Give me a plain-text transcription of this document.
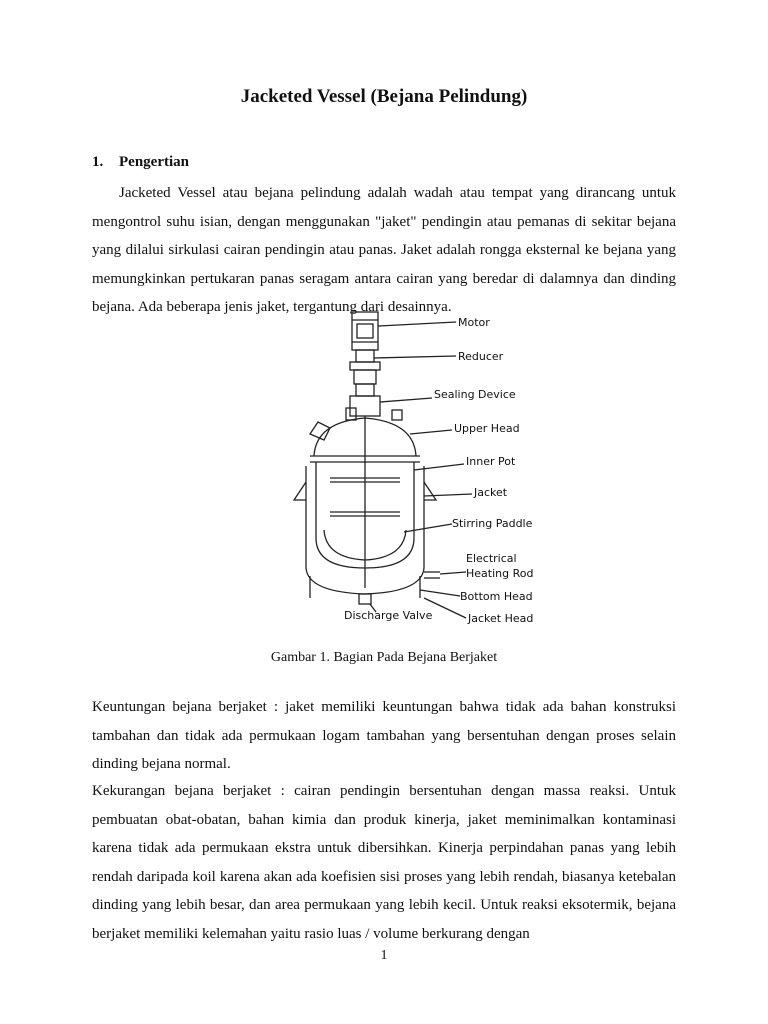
Jacketed Vessel (Bejana Pelindung)
1. Pengertian

Jacketed Vessel atau bejana pelindung adalah wadah atau tempat yang dirancang untuk mengontrol suhu isian, dengan menggunakan "jaket" pendingin atau pemanas di sekitar bejana yang dilalui sirkulasi cairan pendingin atau panas. Jaket adalah rongga eksternal ke bejana yang memungkinkan pertukaran panas seragam antara cairan yang beredar di dalamnya dan dinding bejana. Ada beberapa jenis jaket, tergantung dari desainnya.

Motor
Reducer
Sealing Device
Upper Head
Inner Pot
Jacket
Stirring Paddle
Electrical
Heating Rod
Bottom Head
Discharge Valve	Jacket Head

Gambar 1. Bagian Pada Bejana Berjaket

Keuntungan bejana berjaket : jaket memiliki keuntungan bahwa tidak ada bahan konstruksi tambahan dan tidak ada permukaan logam tambahan yang bersentuhan dengan proses selain dinding bejana normal.

Kekurangan bejana berjaket : cairan pendingin bersentuhan dengan massa reaksi. Untuk pembuatan obat-obatan, bahan kimia dan produk kinerja, jaket meminimalkan kontaminasi karena tidak ada permukaan ekstra untuk dibersihkan. Kinerja perpindahan panas yang lebih rendah daripada koil karena akan ada koefisien sisi proses yang lebih rendah, biasanya ketebalan dinding yang lebih besar, dan area permukaan yang lebih kecil. Untuk reaksi eksotermik, bejana berjaket memiliki kelemahan yaitu rasio luas / volume berkurang dengan

1
